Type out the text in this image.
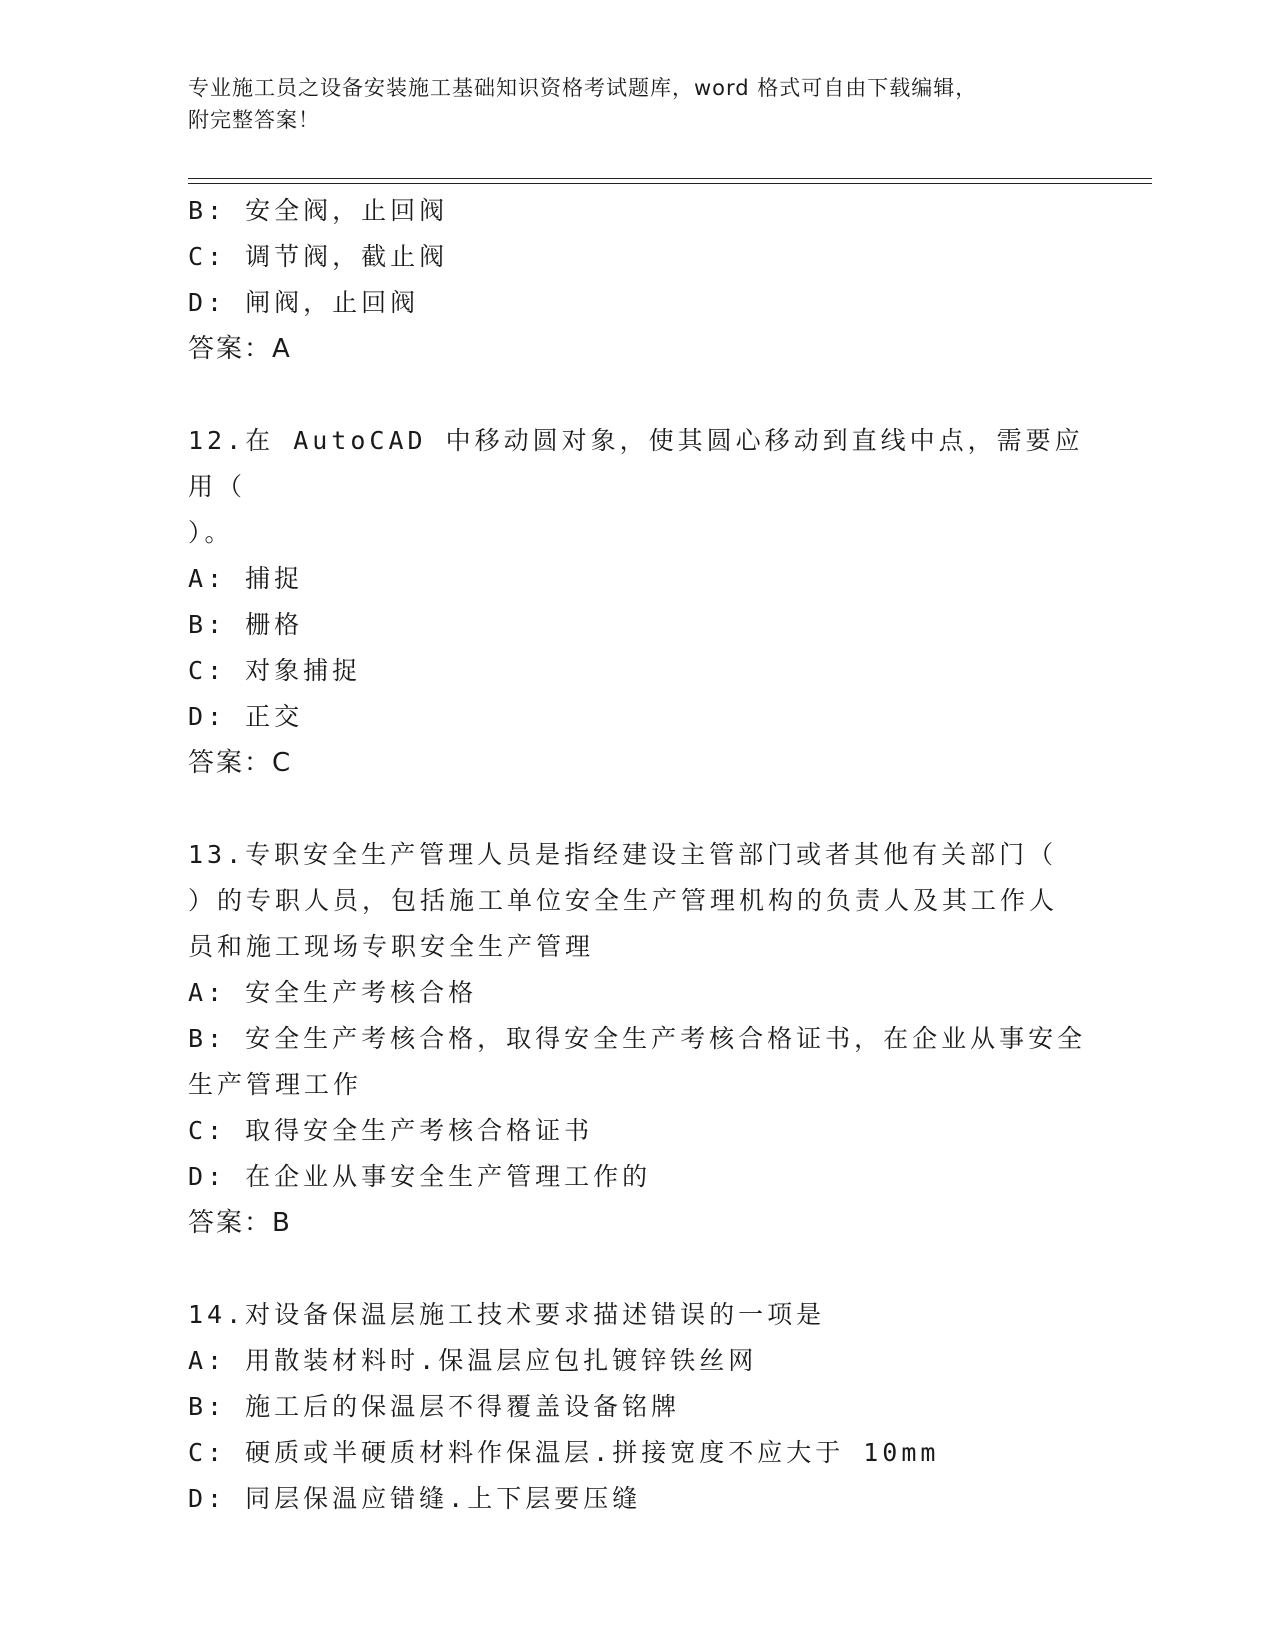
专业施工员之设备安装施工基础知识资格考试题库，word 格式可自由下载编辑，
附完整答案！
B: 安全阀，止回阀
C: 调节阀，截止阀
D: 闸阀，止回阀
答案：A
12.在 AutoCAD 中移动圆对象，使其圆心移动到直线中点，需要应用（
）。
A: 捕捉
B: 栅格
C: 对象捕捉
D: 正交
答案：C
13.专职安全生产管理人员是指经建设主管部门或者其他有关部门（
）的专职人员，包括施工单位安全生产管理机构的负责人及其工作人
员和施工现场专职安全生产管理
A: 安全生产考核合格
B: 安全生产考核合格，取得安全生产考核合格证书，在企业从事安全
生产管理工作
C: 取得安全生产考核合格证书
D: 在企业从事安全生产管理工作的
答案：B
14.对设备保温层施工技术要求描述错误的一项是
A: 用散装材料时.保温层应包扎镀锌铁丝网
B: 施工后的保温层不得覆盖设备铭牌
C: 硬质或半硬质材料作保温层.拼接宽度不应大于 10mm
D: 同层保温应错缝.上下层要压缝
